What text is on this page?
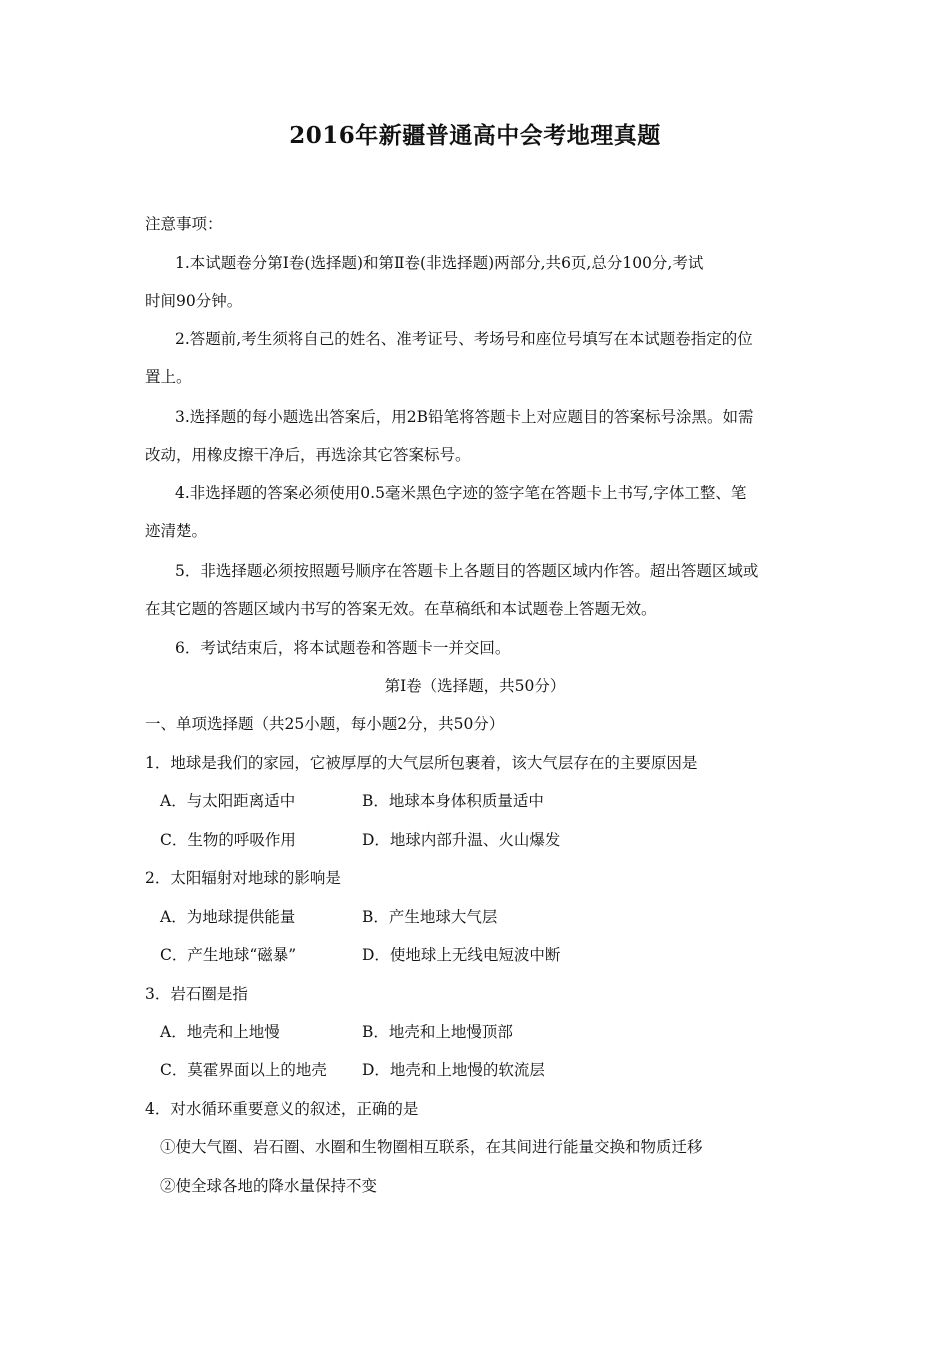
2016年新疆普通高中会考地理真题
注意事项：
1.本试题卷分第Ⅰ卷(选择题)和第Ⅱ卷(非选择题)两部分,共6页,总分100分,考试
时间90分钟。
2.答题前,考生须将自己的姓名、准考证号、考场号和座位号填写在本试题卷指定的位
置上。
3.选择题的每小题选出答案后，用2B铅笔将答题卡上对应题目的答案标号涂黑。如需
改动，用橡皮擦干净后，再选涂其它答案标号。
4.非选择题的答案必须使用0.5毫米黑色字迹的签字笔在答题卡上书写,字体工整、笔
迹清楚。
5．非选择题必须按照题号顺序在答题卡上各题目的答题区域内作答。超出答题区域或
在其它题的答题区域内书写的答案无效。在草稿纸和本试题卷上答题无效。
6．考试结束后，将本试题卷和答题卡一并交回。
第Ⅰ卷（选择题，共50分）
一、单项选择题（共25小题，每小题2分，共50分）
1．地球是我们的家园，它被厚厚的大气层所包裹着，该大气层存在的主要原因是
A．与太阳距离适中	B．地球本身体积质量适中
C．生物的呼吸作用	D．地球内部升温、火山爆发
2．太阳辐射对地球的影响是
A．为地球提供能量	B．产生地球大气层
C．产生地球“磁暴”	D．使地球上无线电短波中断
3．岩石圈是指
A．地壳和上地慢	B．地壳和上地慢顶部
C．莫霍界面以上的地壳 D．地壳和上地慢的软流层
4．对水循环重要意义的叙述，正确的是
①使大气圈、岩石圈、水圈和生物圈相互联系，在其间进行能量交换和物质迁移
②使全球各地的降水量保持不变
